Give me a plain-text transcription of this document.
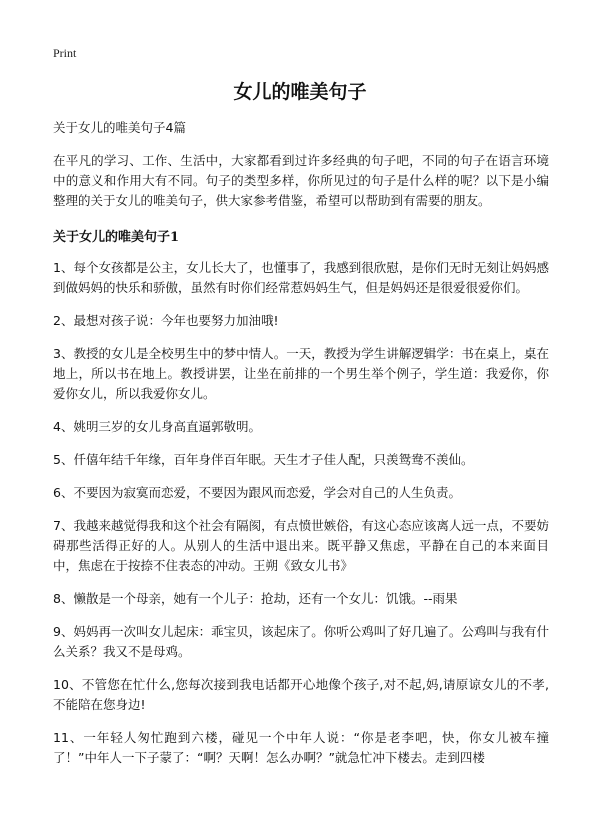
Print
女儿的唯美句子

关于女儿的唯美句子4篇

在平凡的学习、工作、生活中，大家都看到过许多经典的句子吧，不同的句子在语言环境中的意义和作用大有不同。句子的类型多样，你所见过的句子是什么样的呢？以下是小编整理的关于女儿的唯美句子，供大家参考借鉴，希望可以帮助到有需要的朋友。

关于女儿的唯美句子1

1、每个女孩都是公主，女儿长大了，也懂事了，我感到很欣慰，是你们无时无刻让妈妈感到做妈妈的快乐和骄傲，虽然有时你们经常惹妈妈生气，但是妈妈还是很爱很爱你们。

2、最想对孩子说：今年也要努力加油哦!

3、教授的女儿是全校男生中的梦中情人。一天，教授为学生讲解逻辑学：书在桌上，桌在地上，所以书在地上。教授讲罢，让坐在前排的一个男生举个例子，学生道：我爱你，你爱你女儿，所以我爱你女儿。

4、姚明三岁的女儿身高直逼郭敬明。

5、仟僖年结千年缘，百年身伴百年眠。天生才子佳人配，只羡鸳鸯不羡仙。

6、不要因为寂寞而恋爱，不要因为跟风而恋爱，学会对自己的人生负责。

7、我越来越觉得我和这个社会有隔阂，有点愤世嫉俗，有这心态应该离人远一点，不要妨碍那些活得正好的人。从别人的生活中退出来。既平静又焦虑，平静在自己的本来面目中，焦虑在于按捺不住表态的冲动。王朔《致女儿书》

8、懒散是一个母亲，她有一个儿子：抢劫，还有一个女儿：饥饿。--雨果

9、妈妈再一次叫女儿起床：乖宝贝，该起床了。你听公鸡叫了好几遍了。公鸡叫与我有什么关系？我又不是母鸡。

10、不管您在忙什么,您每次接到我电话都开心地像个孩子,对不起,妈,请原谅女儿的不孝,不能陪在您身边!

11、一年轻人匆忙跑到六楼，碰见一个中年人说：“你是老李吧，快，你女儿被车撞了！”中年人一下子蒙了：“啊？天啊！怎么办啊？”就急忙冲下楼去。走到四楼
